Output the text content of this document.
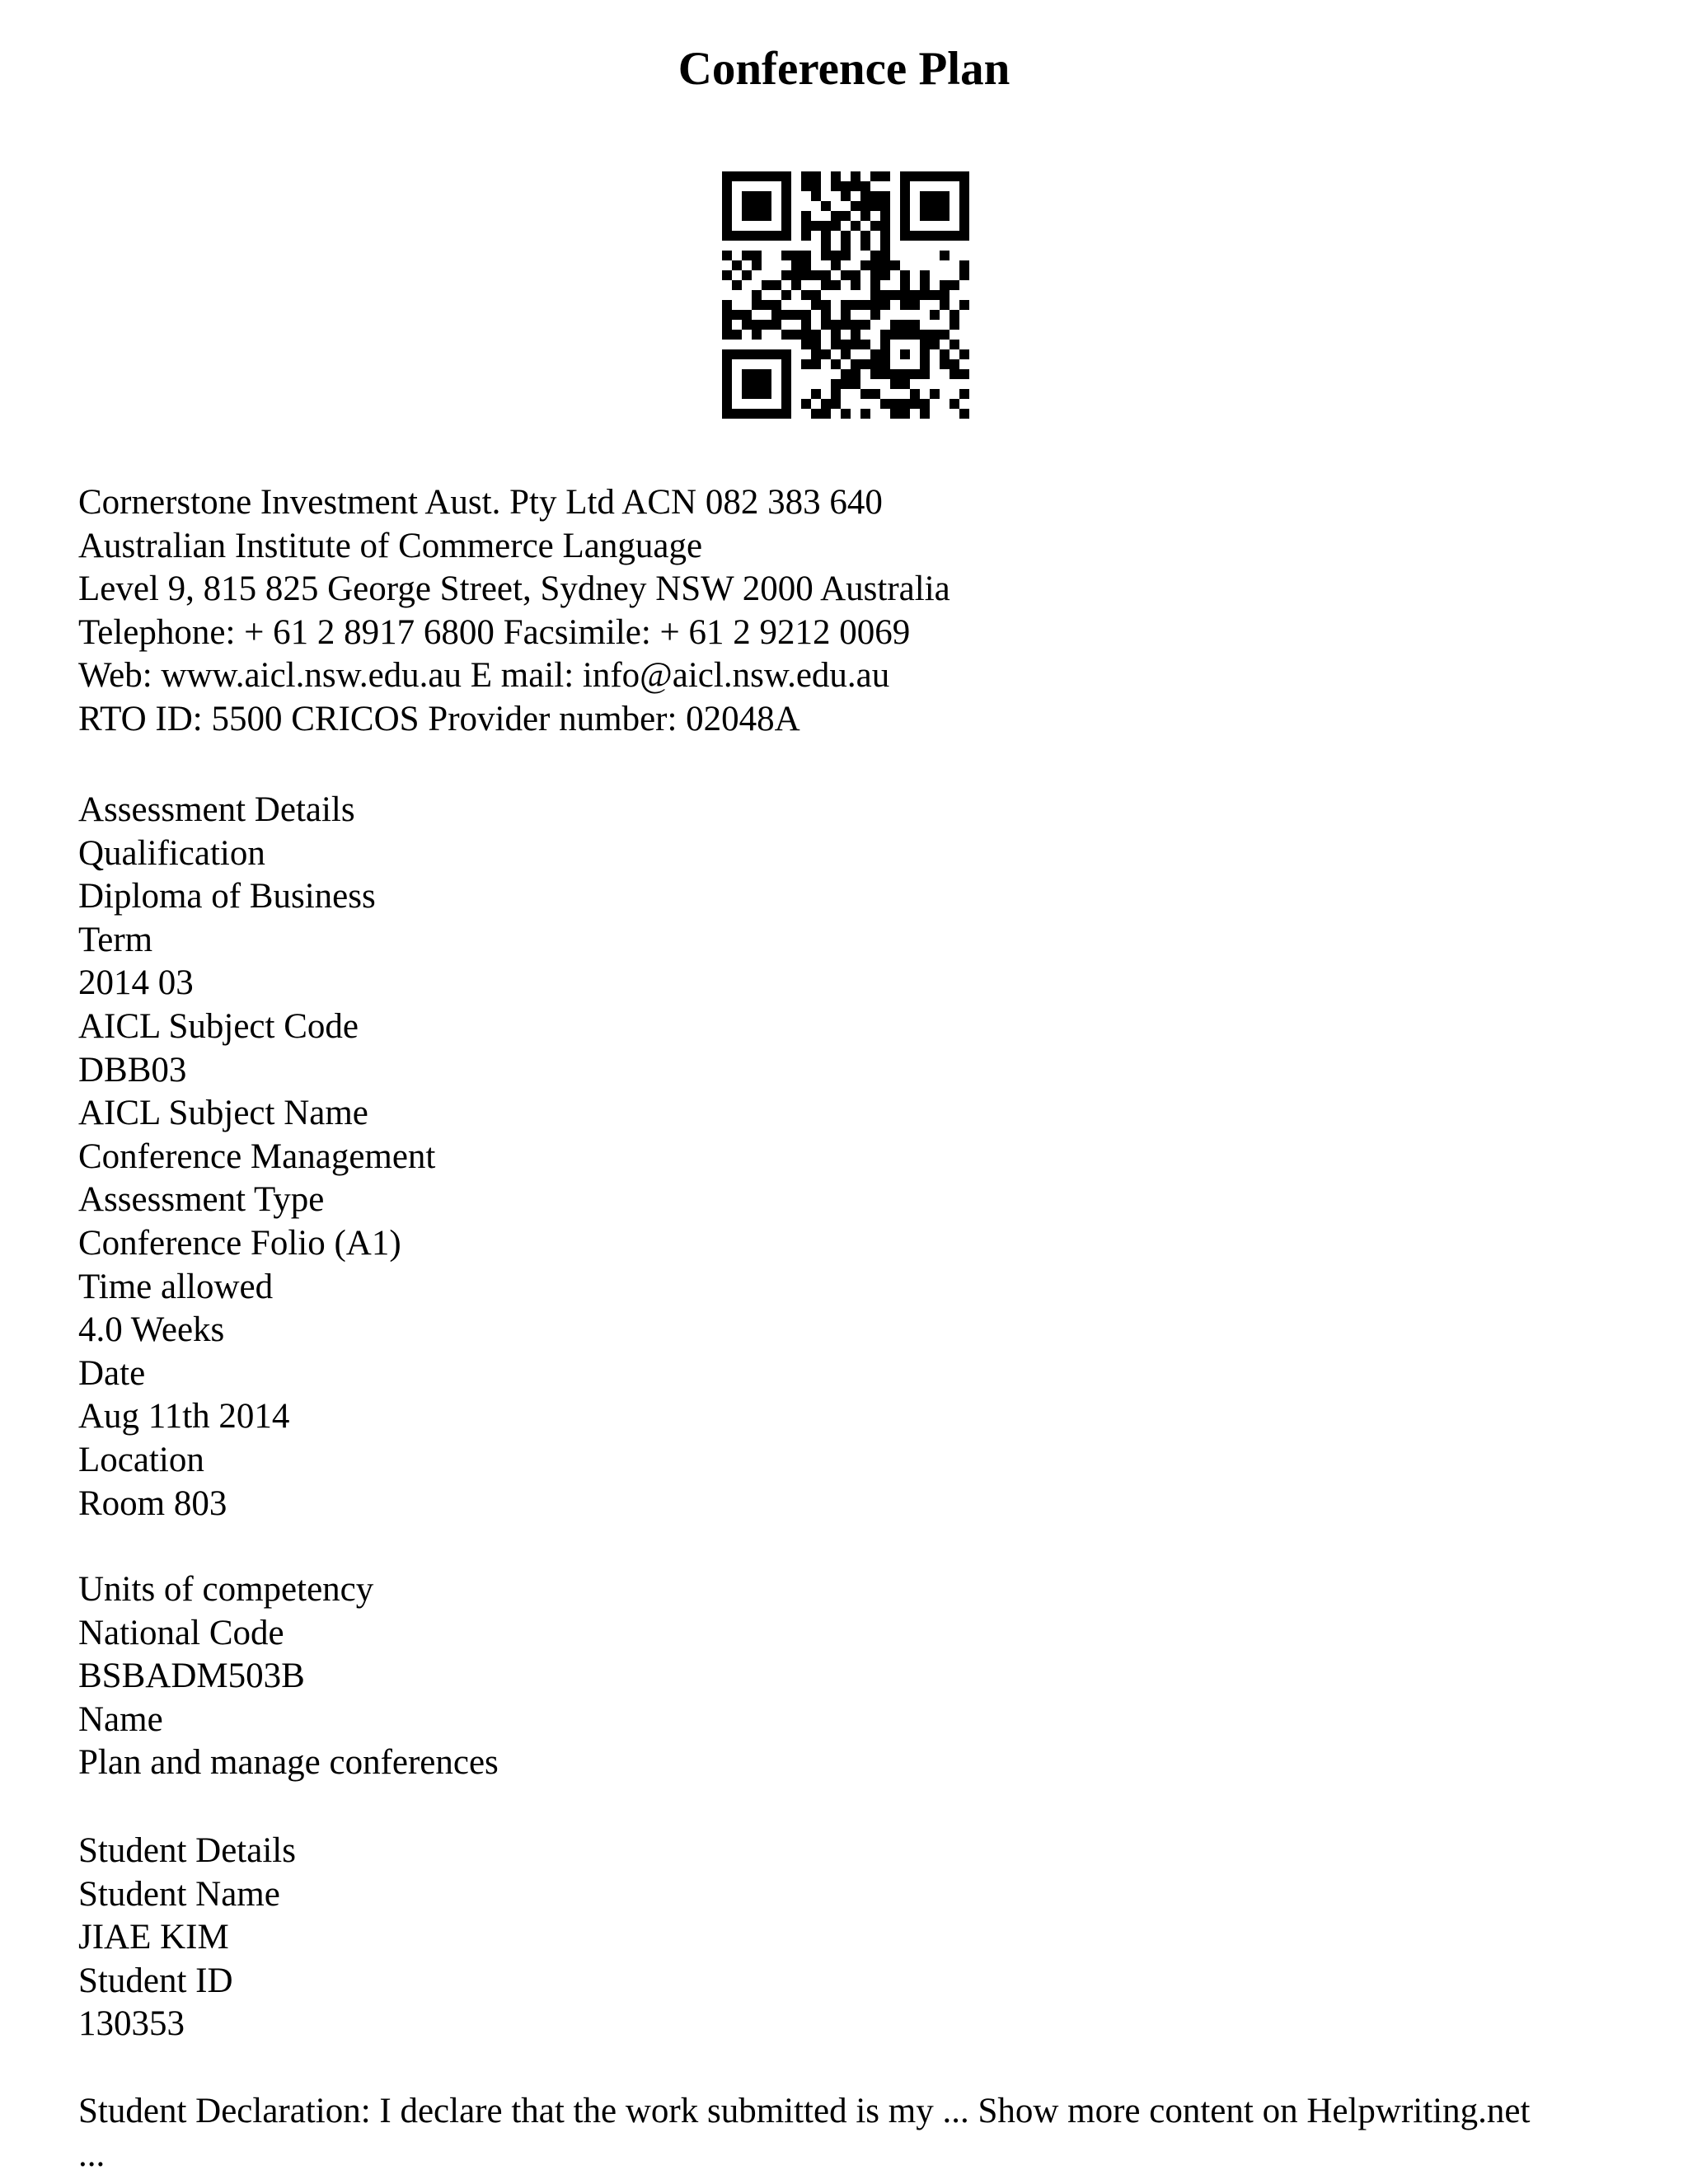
Conference Plan
Cornerstone Investment Aust. Pty Ltd ACN 082 383 640
Australian Institute of Commerce Language
Level 9, 815 825 George Street, Sydney NSW 2000 Australia
Telephone: + 61 2 8917 6800 Facsimile: + 61 2 9212 0069
Web: www.aicl.nsw.edu.au E mail: info@aicl.nsw.edu.au
RTO ID: 5500 CRICOS Provider number: 02048A
Assessment Details
Qualification
Diploma of Business
Term
2014 03
AICL Subject Code
DBB03
AICL Subject Name
Conference Management
Assessment Type
Conference Folio (A1)
Time allowed
4.0 Weeks
Date
Aug 11th 2014
Location
Room 803
Units of competency
National Code
BSBADM503B
Name
Plan and manage conferences
Student Details
Student Name
JIAE KIM
Student ID
130353
Student Declaration: I declare that the work submitted is my ... Show more content on Helpwriting.net
...
